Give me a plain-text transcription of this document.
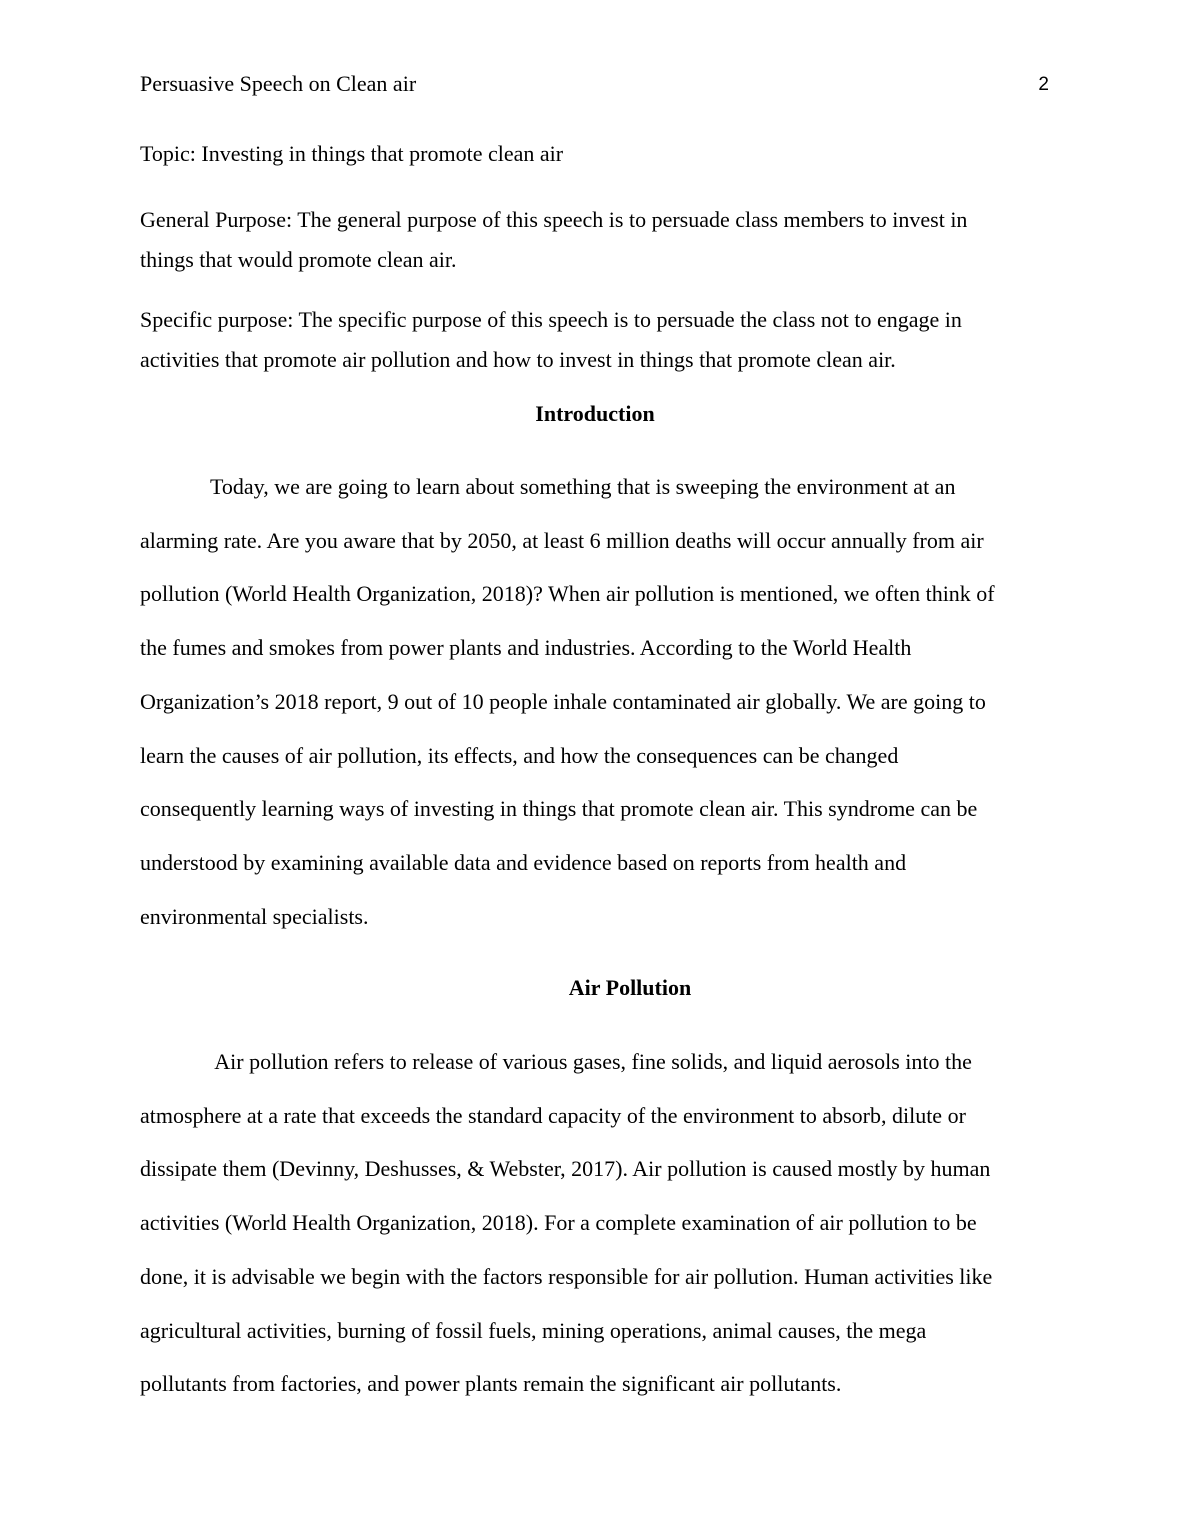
Persuasive Speech on Clean air	2
Topic: Investing in things that promote clean air
General Purpose: The general purpose of this speech is to persuade class members to invest in
things that would promote clean air.
Specific purpose: The specific purpose of this speech is to persuade the class not to engage in
activities that promote air pollution and how to invest in things that promote clean air.
Introduction
Today, we are going to learn about something that is sweeping the environment at an
alarming rate. Are you aware that by 2050, at least 6 million deaths will occur annually from air
pollution (World Health Organization, 2018)? When air pollution is mentioned, we often think of
the fumes and smokes from power plants and industries. According to the World Health
Organization’s 2018 report, 9 out of 10 people inhale contaminated air globally. We are going to
learn the causes of air pollution, its effects, and how the consequences can be changed
consequently learning ways of investing in things that promote clean air. This syndrome can be
understood by examining available data and evidence based on reports from health and
environmental specialists.
Air Pollution
Air pollution refers to release of various gases, fine solids, and liquid aerosols into the
atmosphere at a rate that exceeds the standard capacity of the environment to absorb, dilute or
dissipate them (Devinny, Deshusses, & Webster, 2017). Air pollution is caused mostly by human
activities (World Health Organization, 2018). For a complete examination of air pollution to be
done, it is advisable we begin with the factors responsible for air pollution. Human activities like
agricultural activities, burning of fossil fuels, mining operations, animal causes, the mega
pollutants from factories, and power plants remain the significant air pollutants.
